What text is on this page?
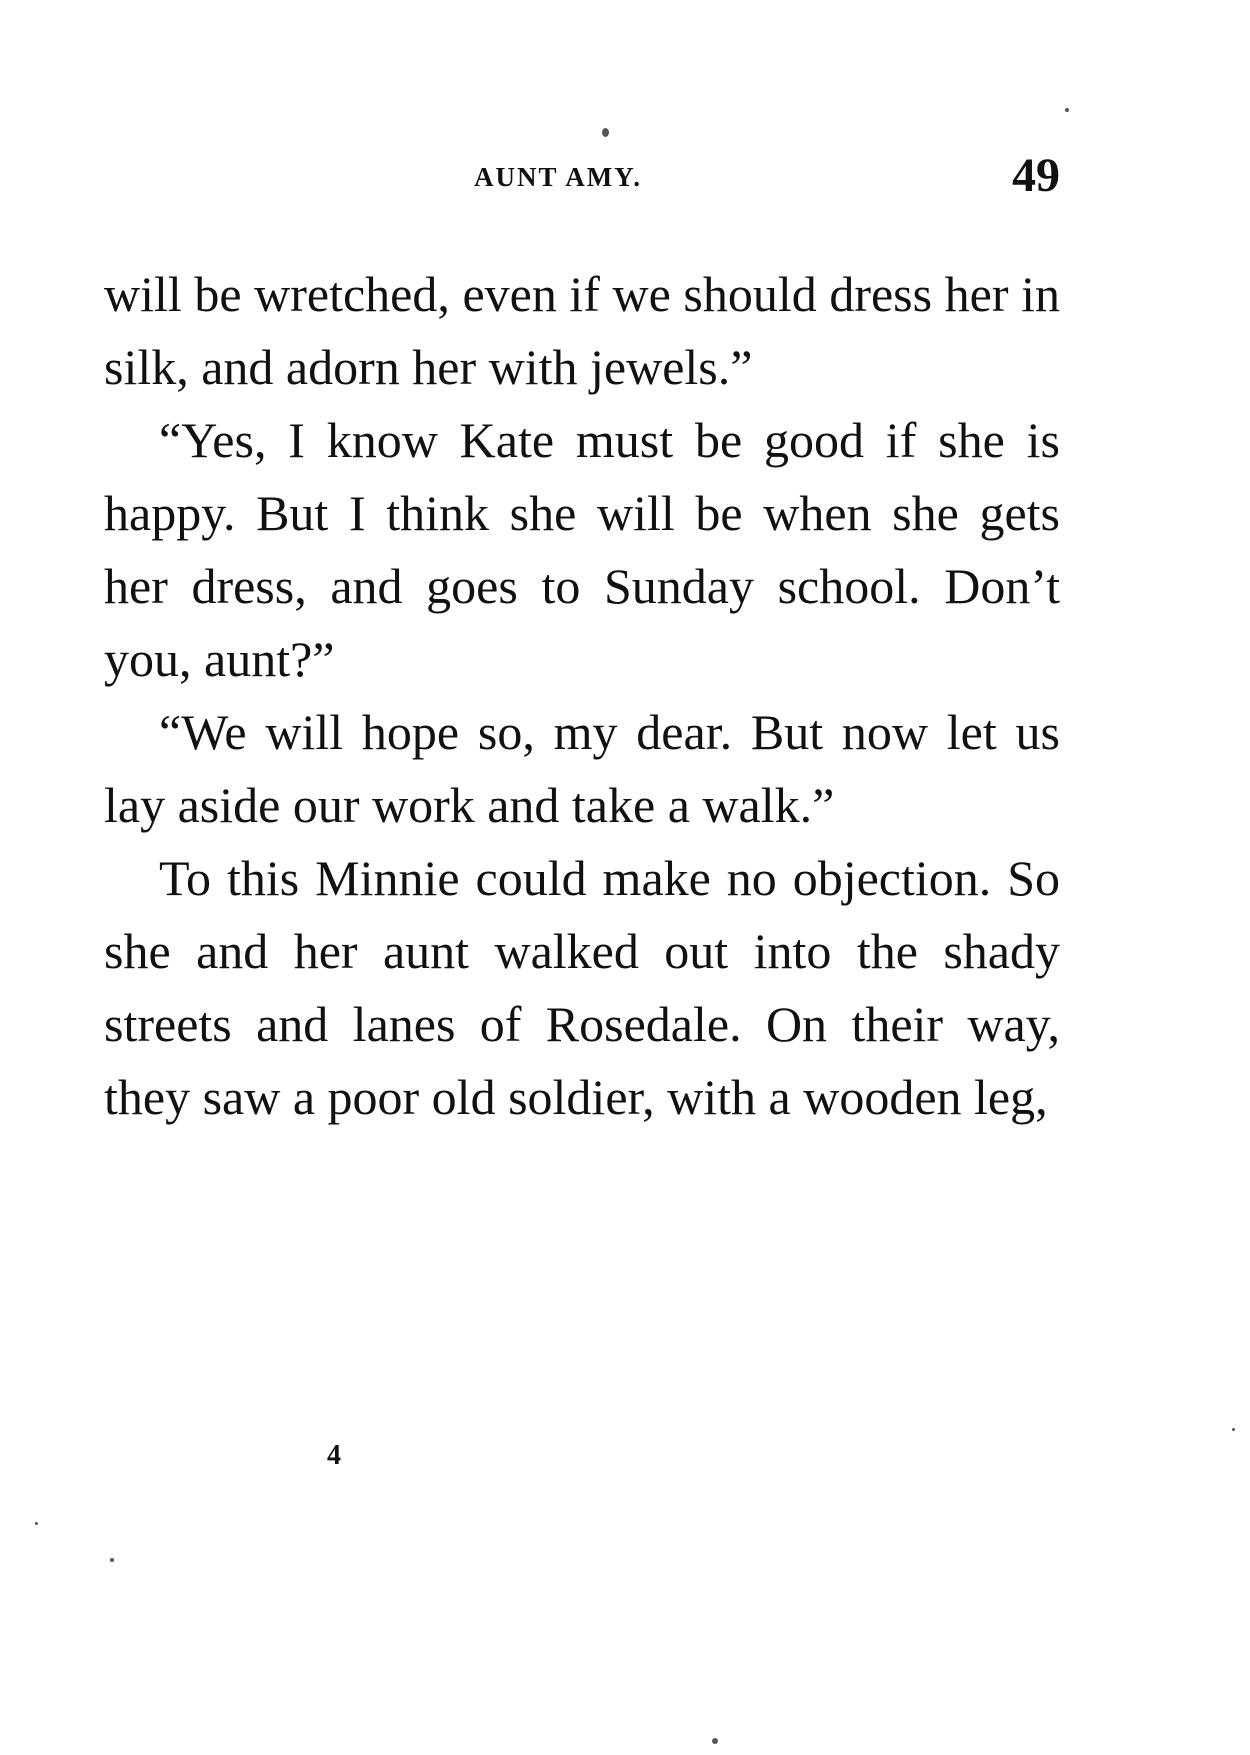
AUNT AMY.	49

will be wretched, even if we should dress her in silk, and adorn her with jewels.”

“Yes, I know Kate must be good if she is happy. But I think she will be when she gets her dress, and goes to Sunday school. Don’t you, aunt?”

“We will hope so, my dear. But now let us lay aside our work and take a walk.”

To this Minnie could make no objection. So she and her aunt walked out into the shady streets and lanes of Rosedale. On their way, they saw a poor old soldier, with a wooden leg,

4
